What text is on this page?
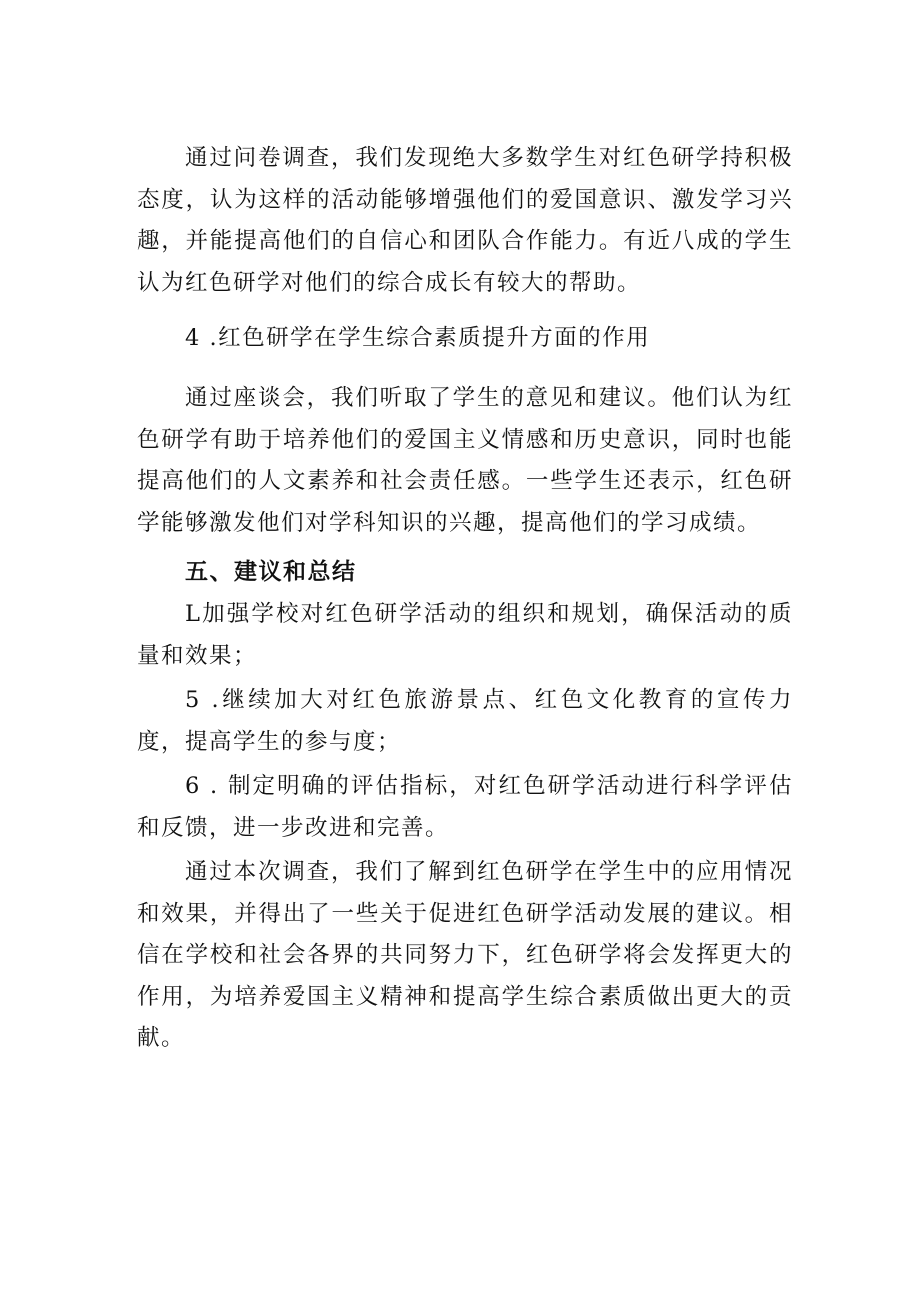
通过问卷调查，我们发现绝大多数学生对红色研学持积极态度，认为这样的活动能够增强他们的爱国意识、激发学习兴趣，并能提高他们的自信心和团队合作能力。有近八成的学生认为红色研学对他们的综合成长有较大的帮助。

4 .红色研学在学生综合素质提升方面的作用

通过座谈会，我们听取了学生的意见和建议。他们认为红色研学有助于培养他们的爱国主义情感和历史意识，同时也能提高他们的人文素养和社会责任感。一些学生还表示，红色研学能够激发他们对学科知识的兴趣，提高他们的学习成绩。

五、建议和总结

L加强学校对红色研学活动的组织和规划，确保活动的质量和效果；

5 .继续加大对红色旅游景点、红色文化教育的宣传力度，提高学生的参与度；

6 . 制定明确的评估指标，对红色研学活动进行科学评估和反馈，进一步改进和完善。

通过本次调查，我们了解到红色研学在学生中的应用情况和效果，并得出了一些关于促进红色研学活动发展的建议。相信在学校和社会各界的共同努力下，红色研学将会发挥更大的作用，为培养爱国主义精神和提高学生综合素质做出更大的贡献。
